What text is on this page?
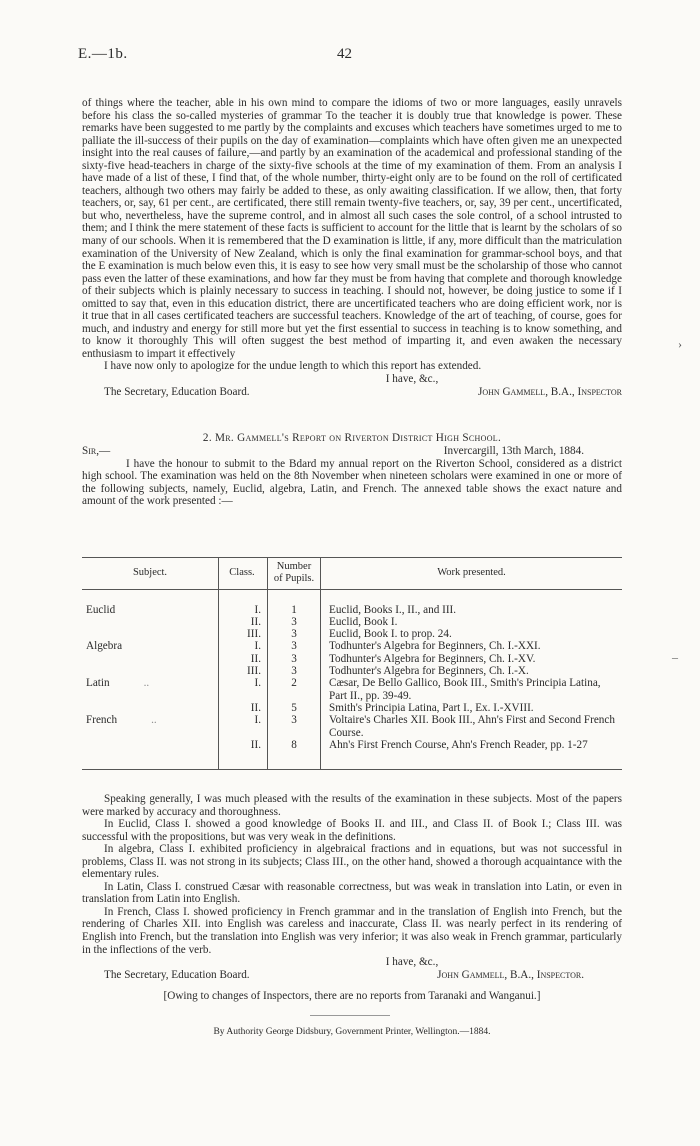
E.—1b.	42

of things where the teacher, able in his own mind to compare the idioms of two or more languages, easily unravels before his class the so-called mysteries of grammar To the teacher it is doubly true that knowledge is power. These remarks have been suggested to me partly by the complaints and excuses which teachers have sometimes urged to me to palliate the ill-success of their pupils on the day of examination—complaints which have often given me an unexpected insight into the real causes of failure,—and partly by an examination of the academical and professional standing of the sixty-five head-teachers in charge of the sixty-five schools at the time of my examination of them. From an analysis I have made of a list of these, I find that, of the whole number, thirty-eight only are to be found on the roll of certificated teachers, although two others may fairly be added to these, as only awaiting classification. If we allow, then, that forty teachers, or, say, 61 per cent., are certificated, there still remain twenty-five teachers, or, say, 39 per cent., uncertificated, but who, nevertheless, have the supreme control, and in almost all such cases the sole control, of a school intrusted to them; and I think the mere statement of these facts is sufficient to account for the little that is learnt by the scholars of so many of our schools. When it is remembered that the D examination is little, if any, more difficult than the matriculation examination of the University of New Zealand, which is only the final examination for grammar-school boys, and that the E examination is much below even this, it is easy to see how very small must be the scholarship of those who cannot pass even the latter of these examinations, and how far they must be from having that complete and thorough knowledge of their subjects which is plainly necessary to success in teaching. I should not, however, be doing justice to some if I omitted to say that, even in this education district, there are uncertificated teachers who are doing efficient work, nor is it true that in all cases certificated teachers are successful teachers. Knowledge of the art of teaching, of course, goes for much, and industry and energy for still more but yet the first essential to success in teaching is to know something, and to know it thoroughly This will often suggest the best method of imparting it, and even awaken the necessary enthusiasm to impart it effectively

I have now only to apologize for the undue length to which this report has extended.

I have, &c.,
The Secretary, Education Board.	John Gammell, B.A., Inspector
2. Mr. Gammell's Report on Riverton District High School.
Sir,—	Invercargill, 13th March, 1884.

I have the honour to submit to the Bdard my annual report on the Riverton School, considered as a district high school. The examination was held on the 8th November when nineteen scholars were examined in one or more of the following subjects, namely, Euclid, algebra, Latin, and French. The annexed table shows the exact nature and amount of the work presented :—

Subject.	Class.	Number of Pupils.	Work presented.

Euclid	I.	1	Euclid, Books I., II., and III.
	II.	3	Euclid, Book I.
	III.	3	Euclid, Book I. to prop. 24.
Algebra	I.	3	Todhunter's Algebra for Beginners, Ch. I.-XXI.
	II.	3	Todhunter's Algebra for Beginners, Ch. I.-XV.
	III.	3	Todhunter's Algebra for Beginners, Ch. I.-X.
Latin ..	I.	2	Cæsar, De Bello Gallico, Book III., Smith's Principia Latina, Part II., pp. 39-49.
	II.	5	Smith's Principia Latina, Part I., Ex. I.-XVIII.
French ..	I.	3	Voltaire's Charles XII. Book III., Ahn's First and Second French Course.
	II.	8	Ahn's First French Course, Ahn's French Reader, pp. 1-27

Speaking generally, I was much pleased with the results of the examination in these subjects. Most of the papers were marked by accuracy and thoroughness.

In Euclid, Class I. showed a good knowledge of Books II. and III., and Class II. of Book I.; Class III. was successful with the propositions, but was very weak in the definitions.

In algebra, Class I. exhibited proficiency in algebraical fractions and in equations, but was not successful in problems, Class II. was not strong in its subjects; Class III., on the other hand, showed a thorough acquaintance with the elementary rules.

In Latin, Class I. construed Cæsar with reasonable correctness, but was weak in translation into Latin, or even in translation from Latin into English.

In French, Class I. showed proficiency in French grammar and in the translation of English into French, but the rendering of Charles XII. into English was careless and inaccurate, Class II. was nearly perfect in its rendering of English into French, but the translation into English was very inferior; it was also weak in French grammar, particularly in the inflections of the verb.

I have, &c.,
The Secretary, Education Board.	John Gammell, B.A., Inspector.
[Owing to changes of Inspectors, there are no reports from Taranaki and Wanganui.]
By Authority George Didsbury, Government Printer, Wellington.—1884.
›
–
